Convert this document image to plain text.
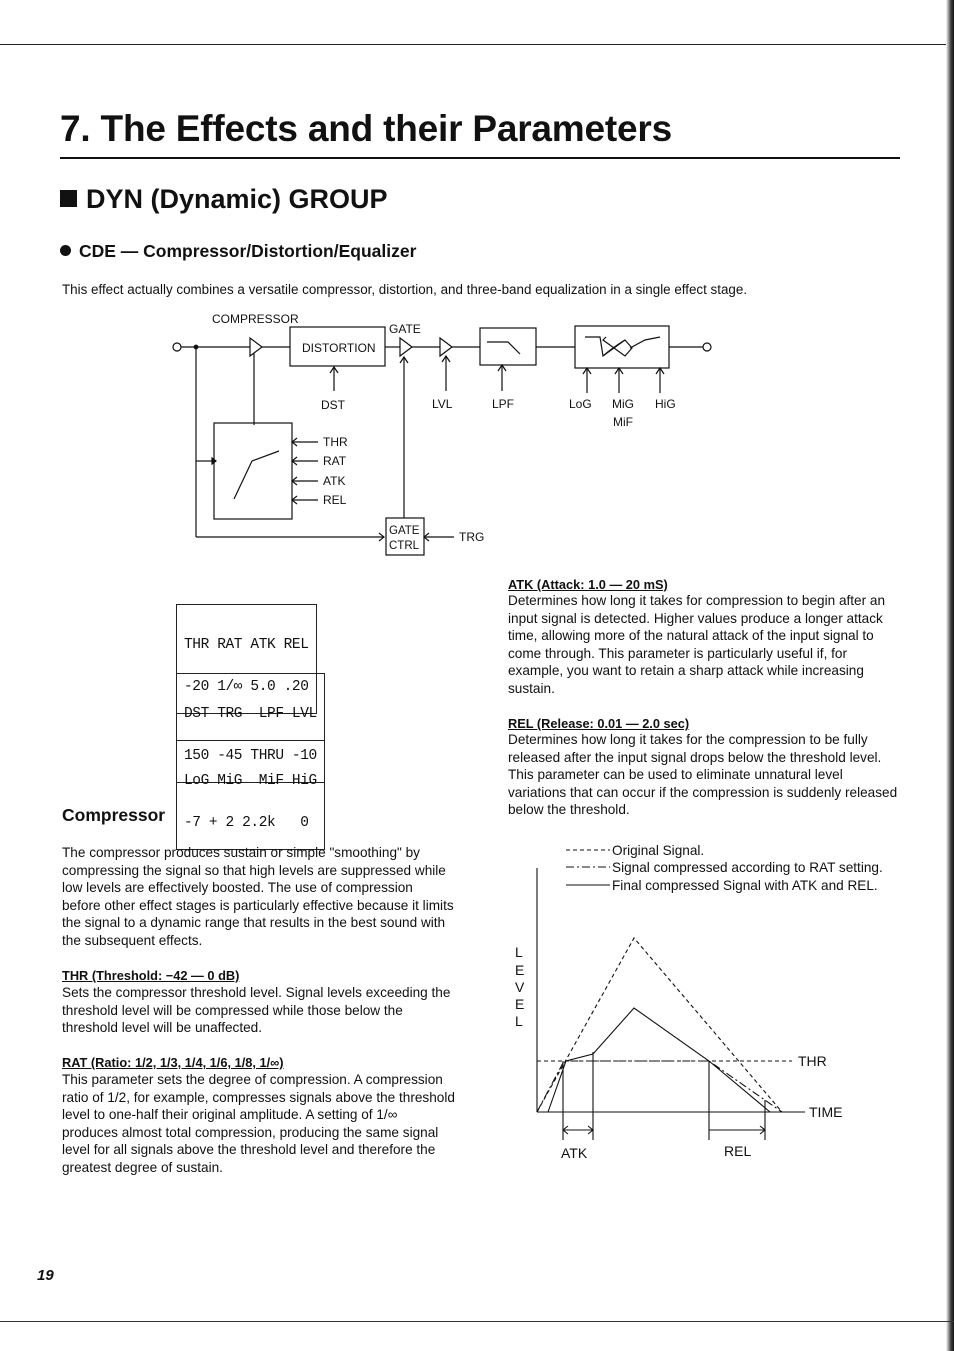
7. The Effects and their Parameters
DYN (Dynamic) GROUP
CDE — Compressor/Distortion/Equalizer
This effect actually combines a versatile compressor, distortion, and three-band equalization in a single effect stage.
COMPRESSOR
DISTORTION
GATE
GATE
CTRL
DST	LVL	LPF	LoG MiG
MiF
HiG
THR
RAT
ATK
REL
TRG

THR RAT ATK REL

-20 1/∞ 5.0 .20

DST TRG  LPF LVL

150 -45 THRU -10

LoG MiG  MiF HiG

-7 + 2 2.2k   0

Compressor
The compressor produces sustain or simple "smoothing" by compressing the signal so that high levels are suppressed while low levels are effectively boosted. The use of compression before other effect stages is particularly effective because it limits the signal to a dynamic range that results in the best sound with the subsequent effects.
THR (Threshold: −42 — 0 dB)
Sets the compressor threshold level. Signal levels exceeding the threshold level will be compressed while those below the threshold level will be unaffected.
RAT (Ratio: 1/2, 1/3, 1/4, 1/6, 1/8, 1/∞)
This parameter sets the degree of compression. A compression ratio of 1/2, for example, compresses signals above the threshold level to one-half their original amplitude. A setting of 1/∞ produces almost total compression, producing the same signal level for all signals above the threshold level and therefore the greatest degree of sustain.
ATK (Attack: 1.0 — 20 mS)
Determines how long it takes for compression to begin after an input signal is detected. Higher values produce a longer attack time, allowing more of the natural attack of the input signal to come through. This parameter is particularly useful if, for example, you want to retain a sharp attack while increasing sustain.
REL (Release: 0.01 — 2.0 sec)
Determines how long it takes for the compression to be fully released after the input signal drops below the threshold level. This parameter can be used to eliminate unnatural level variations that can occur if the compression is suddenly released below the threshold.
Original Signal.
Signal compressed according to RAT setting.
Final compressed Signal with ATK and REL.
L
E
V
E
L
THR
TIME
ATK	REL
19
